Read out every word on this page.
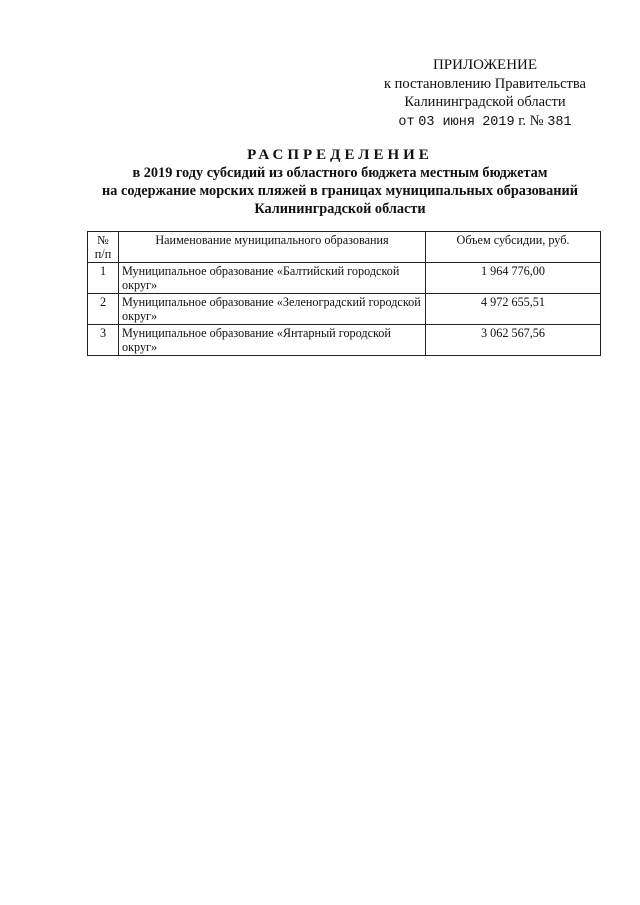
ПРИЛОЖЕНИЕ
к постановлению Правительства
Калининградской области
от 03 июня 2019 г. № 381
РАСПРЕДЕЛЕНИЕ
в 2019 году субсидий из областного бюджета местным бюджетам
на содержание морских пляжей в границах муниципальных образований
Калининградской области
№ п/п	Наименование муниципального образования	Объем субсидии, руб.
1	Муниципальное образование «Балтийский городской округ»	1 964 776,00
2	Муниципальное образование «Зеленоградский городской округ»	4 972 655,51
3	Муниципальное образование «Янтарный городской округ»	3 062 567,56
